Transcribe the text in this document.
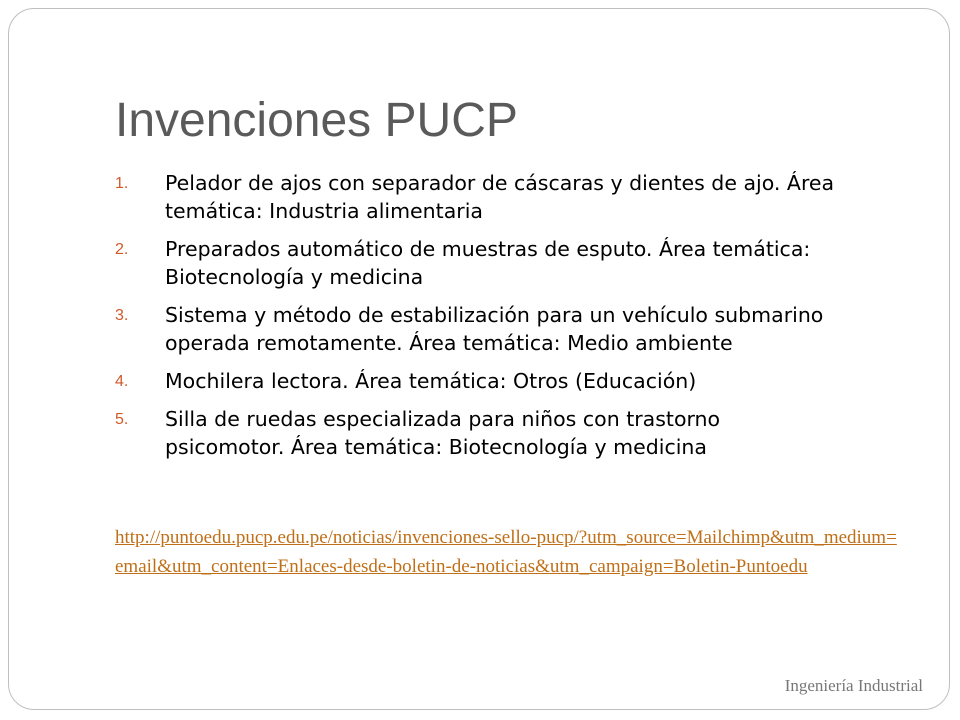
Invenciones PUCP
1. Pelador de ajos con separador de cáscaras y dientes de ajo. Área temática: Industria alimentaria
2. Preparados automático de muestras de esputo. Área temática: Biotecnología y medicina
3. Sistema y método de estabilización para un vehículo submarino operada remotamente. Área temática: Medio ambiente
4. Mochilera lectora. Área temática: Otros (Educación)
5. Silla de ruedas especializada para niños con trastorno psicomotor. Área temática: Biotecnología y medicina
http://puntoedu.pucp.edu.pe/noticias/invenciones-sello-pucp/?utm_source=Mailchimp&utm_medium=email&utm_content=Enlaces-desde-boletin-de-noticias&utm_campaign=Boletin-Puntoedu
Ingeniería Industrial
